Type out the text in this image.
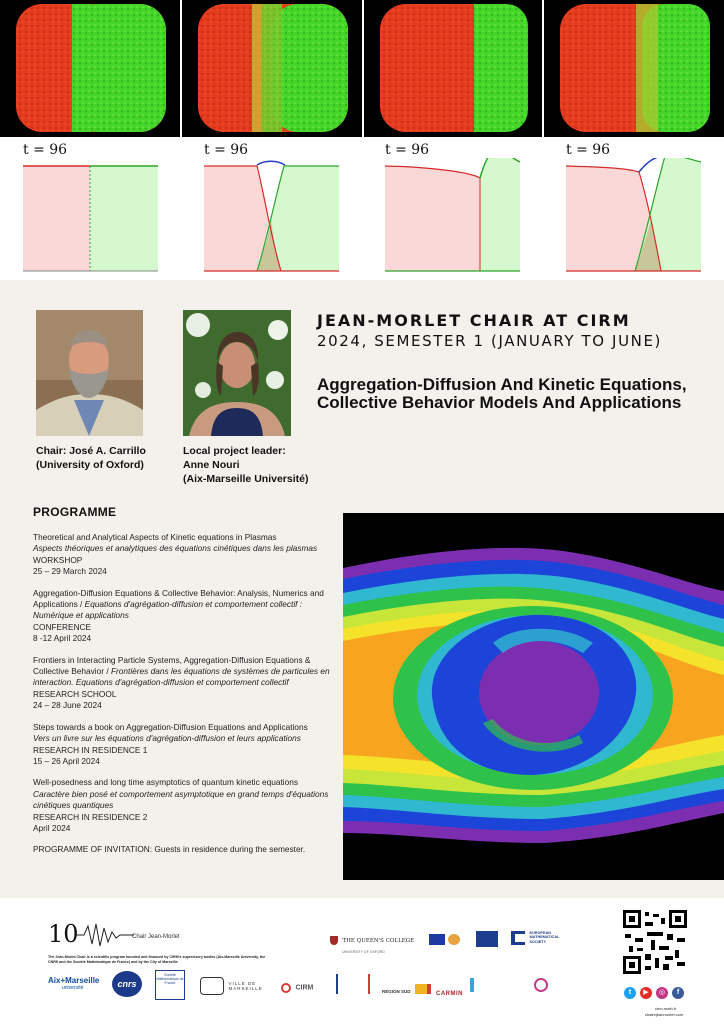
t = 96	t = 96	t = 96	t = 96
Chair: José A. Carrillo
(University of Oxford)
Local project leader:
Anne Nouri
(Aix-Marseille Université)
JEAN-MORLET CHAIR AT CIRM
2024, SEMESTER 1 (JANUARY TO JUNE)
Aggregation-Diffusion And Kinetic Equations, Collective Behavior Models And Applications
PROGRAMME
Theoretical and Analytical Aspects of Kinetic equations in Plasmas
Aspects théoriques et analytiques des équations cinétiques dans les plasmas
WORKSHOP
25 – 29 March 2024
Aggregation-Diffusion Equations & Collective Behavior: Analysis, Numerics and Applications / Equations d'agrégation-diffusion et comportement collectif : Numérique et applications
CONFERENCE
8 -12 April 2024
Frontiers in Interacting Particle Systems, Aggregation-Diffusion Equations & Collective Behavior / Frontières dans les équations de systèmes de particules en interaction. Equations d'agrégation-diffusion et comportement collectif
RESEARCH SCHOOL
24 – 28 June 2024
Steps towards a book on Aggregation-Diffusion Equations and Applications
Vers un livre sur les équations d'agrégation-diffusion et leurs applications
RESEARCH IN RESIDENCE 1
15 – 26 April 2024
Well-posedness and long time asymptotics of quantum kinetic equations
Caractère bien posé et comportement asymptotique en grand temps d'équations cinétiques quantiques
RESEARCH IN RESIDENCE 2
April 2024
PROGRAMME OF INVITATION: Guests in residence during the semester.
10	Chair Jean-Morlet
The Jean-Morlet Chair is a scientific program founded and financed by CIRM's supervisory bodies (Aix-Marseille University, the CNRS and the Société Mathématique de France) and by the City of Marseille
THE QUEEN'S COLLEGE
UNIVERSITY OF OXFORD
EUROPEAN MATHEMATICAL SOCIETY
Aix+Marseille
université	cnrs
Société Mathématique de France	VILLE DE MARSEILLE	CIRM
RÉGION SUD	CARMIN	t	▶	◎	f
cirm-math.fr
chairejeanmorlet.com
